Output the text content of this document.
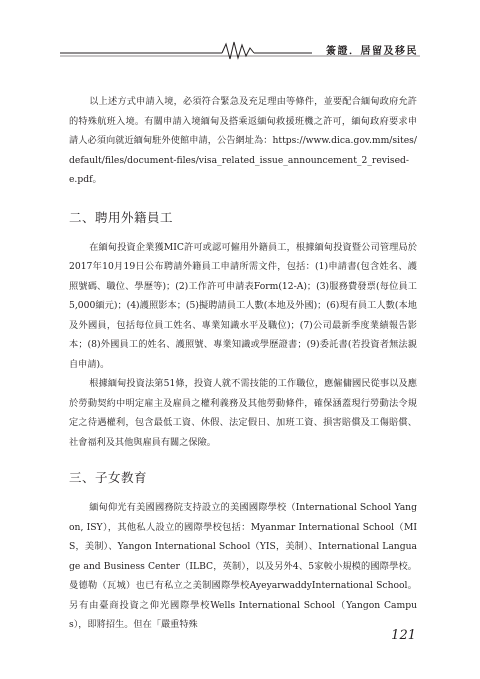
簽證．居留及移民

以上述方式申請入境，必須符合緊急及充足理由等條件，並要配合緬甸政府允許的特殊航班入境。有關申請入境緬甸及搭乘返緬甸救援班機之許可，緬甸政府要求申請人必須向就近緬甸駐外使館申請，公告網址為：https://www.dica.gov.mm/sites/default/files/document-files/visa_related_issue_announcement_2_revised-e.pdf。

二、聘用外籍員工

在緬甸投資企業獲MIC許可或認可僱用外籍員工，根據緬甸投資暨公司管理局於2017年10月19日公布聘請外籍員工申請所需文件，包括：(1)申請書(包含姓名、護照號碼、職位、學歷等)；(2)工作許可申請表Form(12-A)；(3)服務費發票(每位員工5,000緬元)；(4)護照影本；(5)擬聘請員工人數(本地及外國)；(6)現有員工人數(本地及外國員，包括每位員工姓名、專業知識水平及職位)；(7)公司最新季度業績報告影本；(8)外國員工的姓名、護照號、專業知識或學歷證書；(9)委託書(若投資者無法親自申請)。

根據緬甸投資法第51條，投資人就不需技能的工作職位，應僱傭國民從事以及應於勞動契約中明定雇主及雇員之權利義務及其他勞動條件，確保涵蓋現行勞動法令規定之待遇權利，包含最低工資、休假、法定假日、加班工資、損害賠償及工傷賠償、社會福利及其他與雇員有關之保險。

三、子女教育

緬甸仰光有美國國務院支持設立的美國國際學校（International School Yangon, ISY），其他私人設立的國際學校包括：Myanmar International School（MIS，美制）、Yangon International School（YIS，美制）、International Language and Business Center（ILBC，英制），以及另外4、5家較小規模的國際學校。曼德勒（瓦城）也已有私立之美制國際學校AyeyarwaddyInternational School。另有由臺商投資之仰光國際學校Wells International School（Yangon Campus），即將招生。但在「嚴重特殊

121
